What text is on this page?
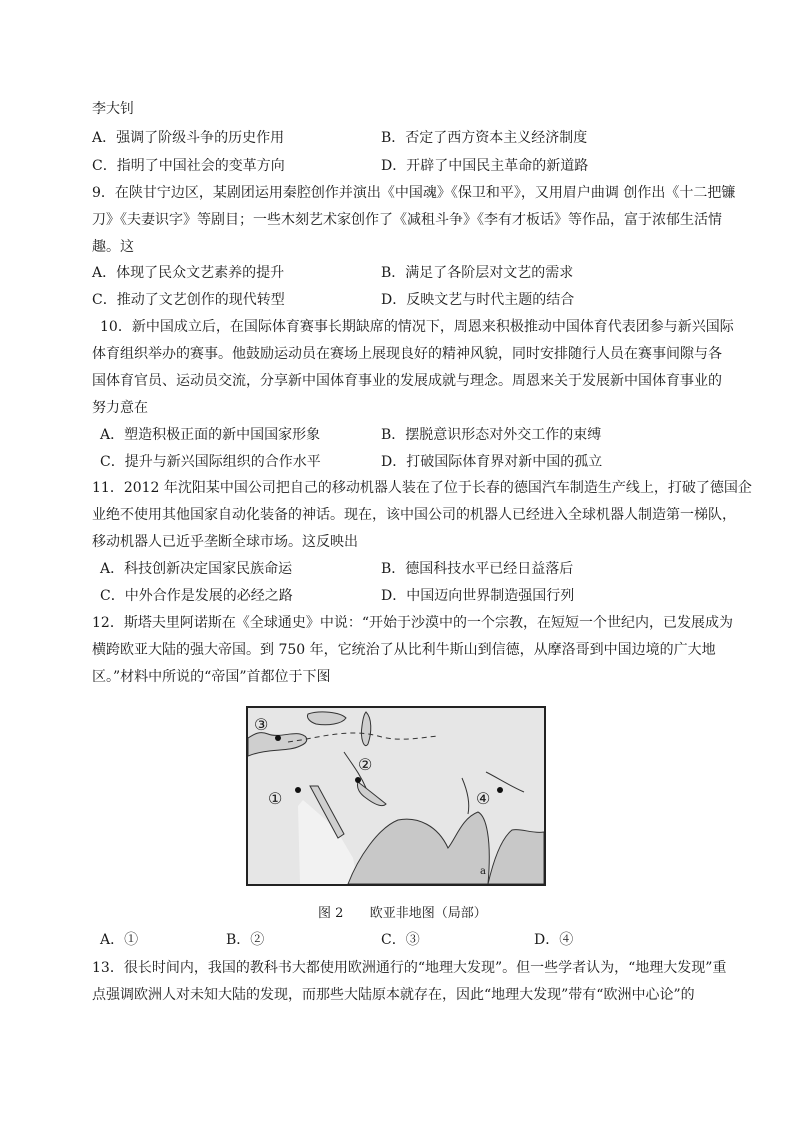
李大钊
A．强调了阶级斗争的历史作用	B．否定了西方资本主义经济制度
C．指明了中国社会的变革方向	D．开辟了中国民主革命的新道路
9．在陕甘宁边区，某剧团运用秦腔创作并演出《中国魂》《保卫和平》，又用眉户曲调 创作出《十二把镰
刀》《夫妻识字》等剧目；一些木刻艺术家创作了《减租斗争》《李有才板话》等作品，富于浓郁生活情
趣。这
A．体现了民众文艺素养的提升	B．满足了各阶层对文艺的需求
C．推动了文艺创作的现代转型	D．反映文艺与时代主题的结合
10．新中国成立后，在国际体育赛事长期缺席的情况下，周恩来积极推动中国体育代表团参与新兴国际
体育组织举办的赛事。他鼓励运动员在赛场上展现良好的精神风貌，同时安排随行人员在赛事间隙与各
国体育官员、运动员交流，分享新中国体育事业的发展成就与理念。周恩来关于发展新中国体育事业的
努力意在
A．塑造积极正面的新中国国家形象	B．摆脱意识形态对外交工作的束缚
C．提升与新兴国际组织的合作水平	D．打破国际体育界对新中国的孤立
11．2012 年沈阳某中国公司把自己的移动机器人装在了位于长春的德国汽车制造生产线上，打破了德国企
业绝不使用其他国家自动化装备的神话。现在，该中国公司的机器人已经进入全球机器人制造第一梯队，
移动机器人已近乎垄断全球市场。这反映出
A．科技创新决定国家民族命运	B．德国科技水平已经日益落后
C．中外合作是发展的必经之路	D．中国迈向世界制造强国行列
12．斯塔夫里阿诺斯在《全球通史》中说：“开始于沙漠中的一个宗教，在短短一个世纪内，已发展成为
横跨欧亚大陆的强大帝国。到 750 年，它统治了从比利牛斯山到信德，从摩洛哥到中国边境的广大地
区。”材料中所说的“帝国”首都位于下图
③
②
①	④
a
图 2 欧亚非地图（局部）
A．①	B．②	C．③	D．④
13．很长时间内，我国的教科书大都使用欧洲通行的“地理大发现”。但一些学者认为，“地理大发现”重
点强调欧洲人对未知大陆的发现，而那些大陆原本就存在，因此“地理大发现”带有“欧洲中心论”的
